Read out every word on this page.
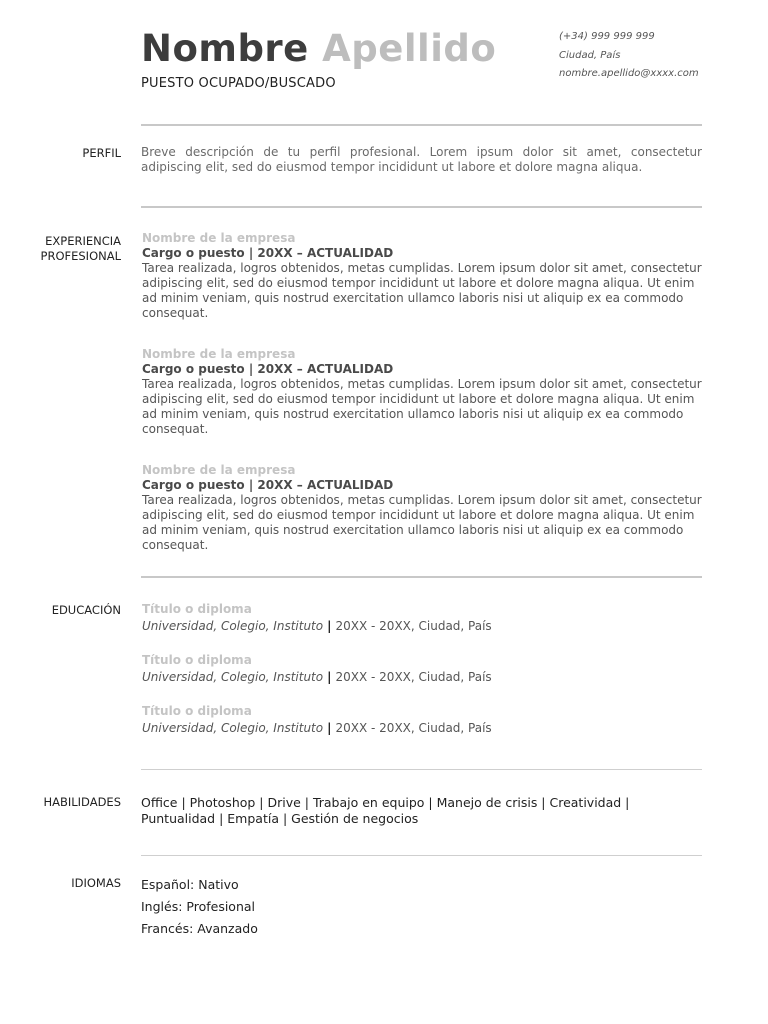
Nombre Apellido
PUESTO OCUPADO/BUSCADO
(+34) 999 999 999
Ciudad, País
nombre.apellido@xxxx.com
PERFIL Breve descripción de tu perfil profesional. Lorem ipsum dolor sit amet, consectetur adipiscing elit, sed do eiusmod tempor incididunt ut labore et dolore magna aliqua.
EXPERIENCIA
PROFESIONAL
Nombre de la empresa
Cargo o puesto | 20XX – ACTUALIDAD
Tarea realizada, logros obtenidos, metas cumplidas. Lorem ipsum dolor sit amet, consectetur adipiscing elit, sed do eiusmod tempor incididunt ut labore et dolore magna aliqua. Ut enim ad minim veniam, quis nostrud exercitation ullamco laboris nisi ut aliquip ex ea commodo consequat.
Nombre de la empresa
Cargo o puesto | 20XX – ACTUALIDAD
Tarea realizada, logros obtenidos, metas cumplidas. Lorem ipsum dolor sit amet, consectetur adipiscing elit, sed do eiusmod tempor incididunt ut labore et dolore magna aliqua. Ut enim ad minim veniam, quis nostrud exercitation ullamco laboris nisi ut aliquip ex ea commodo consequat.
Nombre de la empresa
Cargo o puesto | 20XX – ACTUALIDAD
Tarea realizada, logros obtenidos, metas cumplidas. Lorem ipsum dolor sit amet, consectetur adipiscing elit, sed do eiusmod tempor incididunt ut labore et dolore magna aliqua. Ut enim ad minim veniam, quis nostrud exercitation ullamco laboris nisi ut aliquip ex ea commodo consequat.
EDUCACIÓN Título o diploma
Universidad, Colegio, Instituto | 20XX - 20XX, Ciudad, País
Título o diploma
Universidad, Colegio, Instituto | 20XX - 20XX, Ciudad, País
Título o diploma
Universidad, Colegio, Instituto | 20XX - 20XX, Ciudad, País
HABILIDADES Office | Photoshop | Drive | Trabajo en equipo | Manejo de crisis | Creatividad | Puntualidad | Empatía | Gestión de negocios
IDIOMAS Español: Nativo
Inglés: Profesional
Francés: Avanzado
